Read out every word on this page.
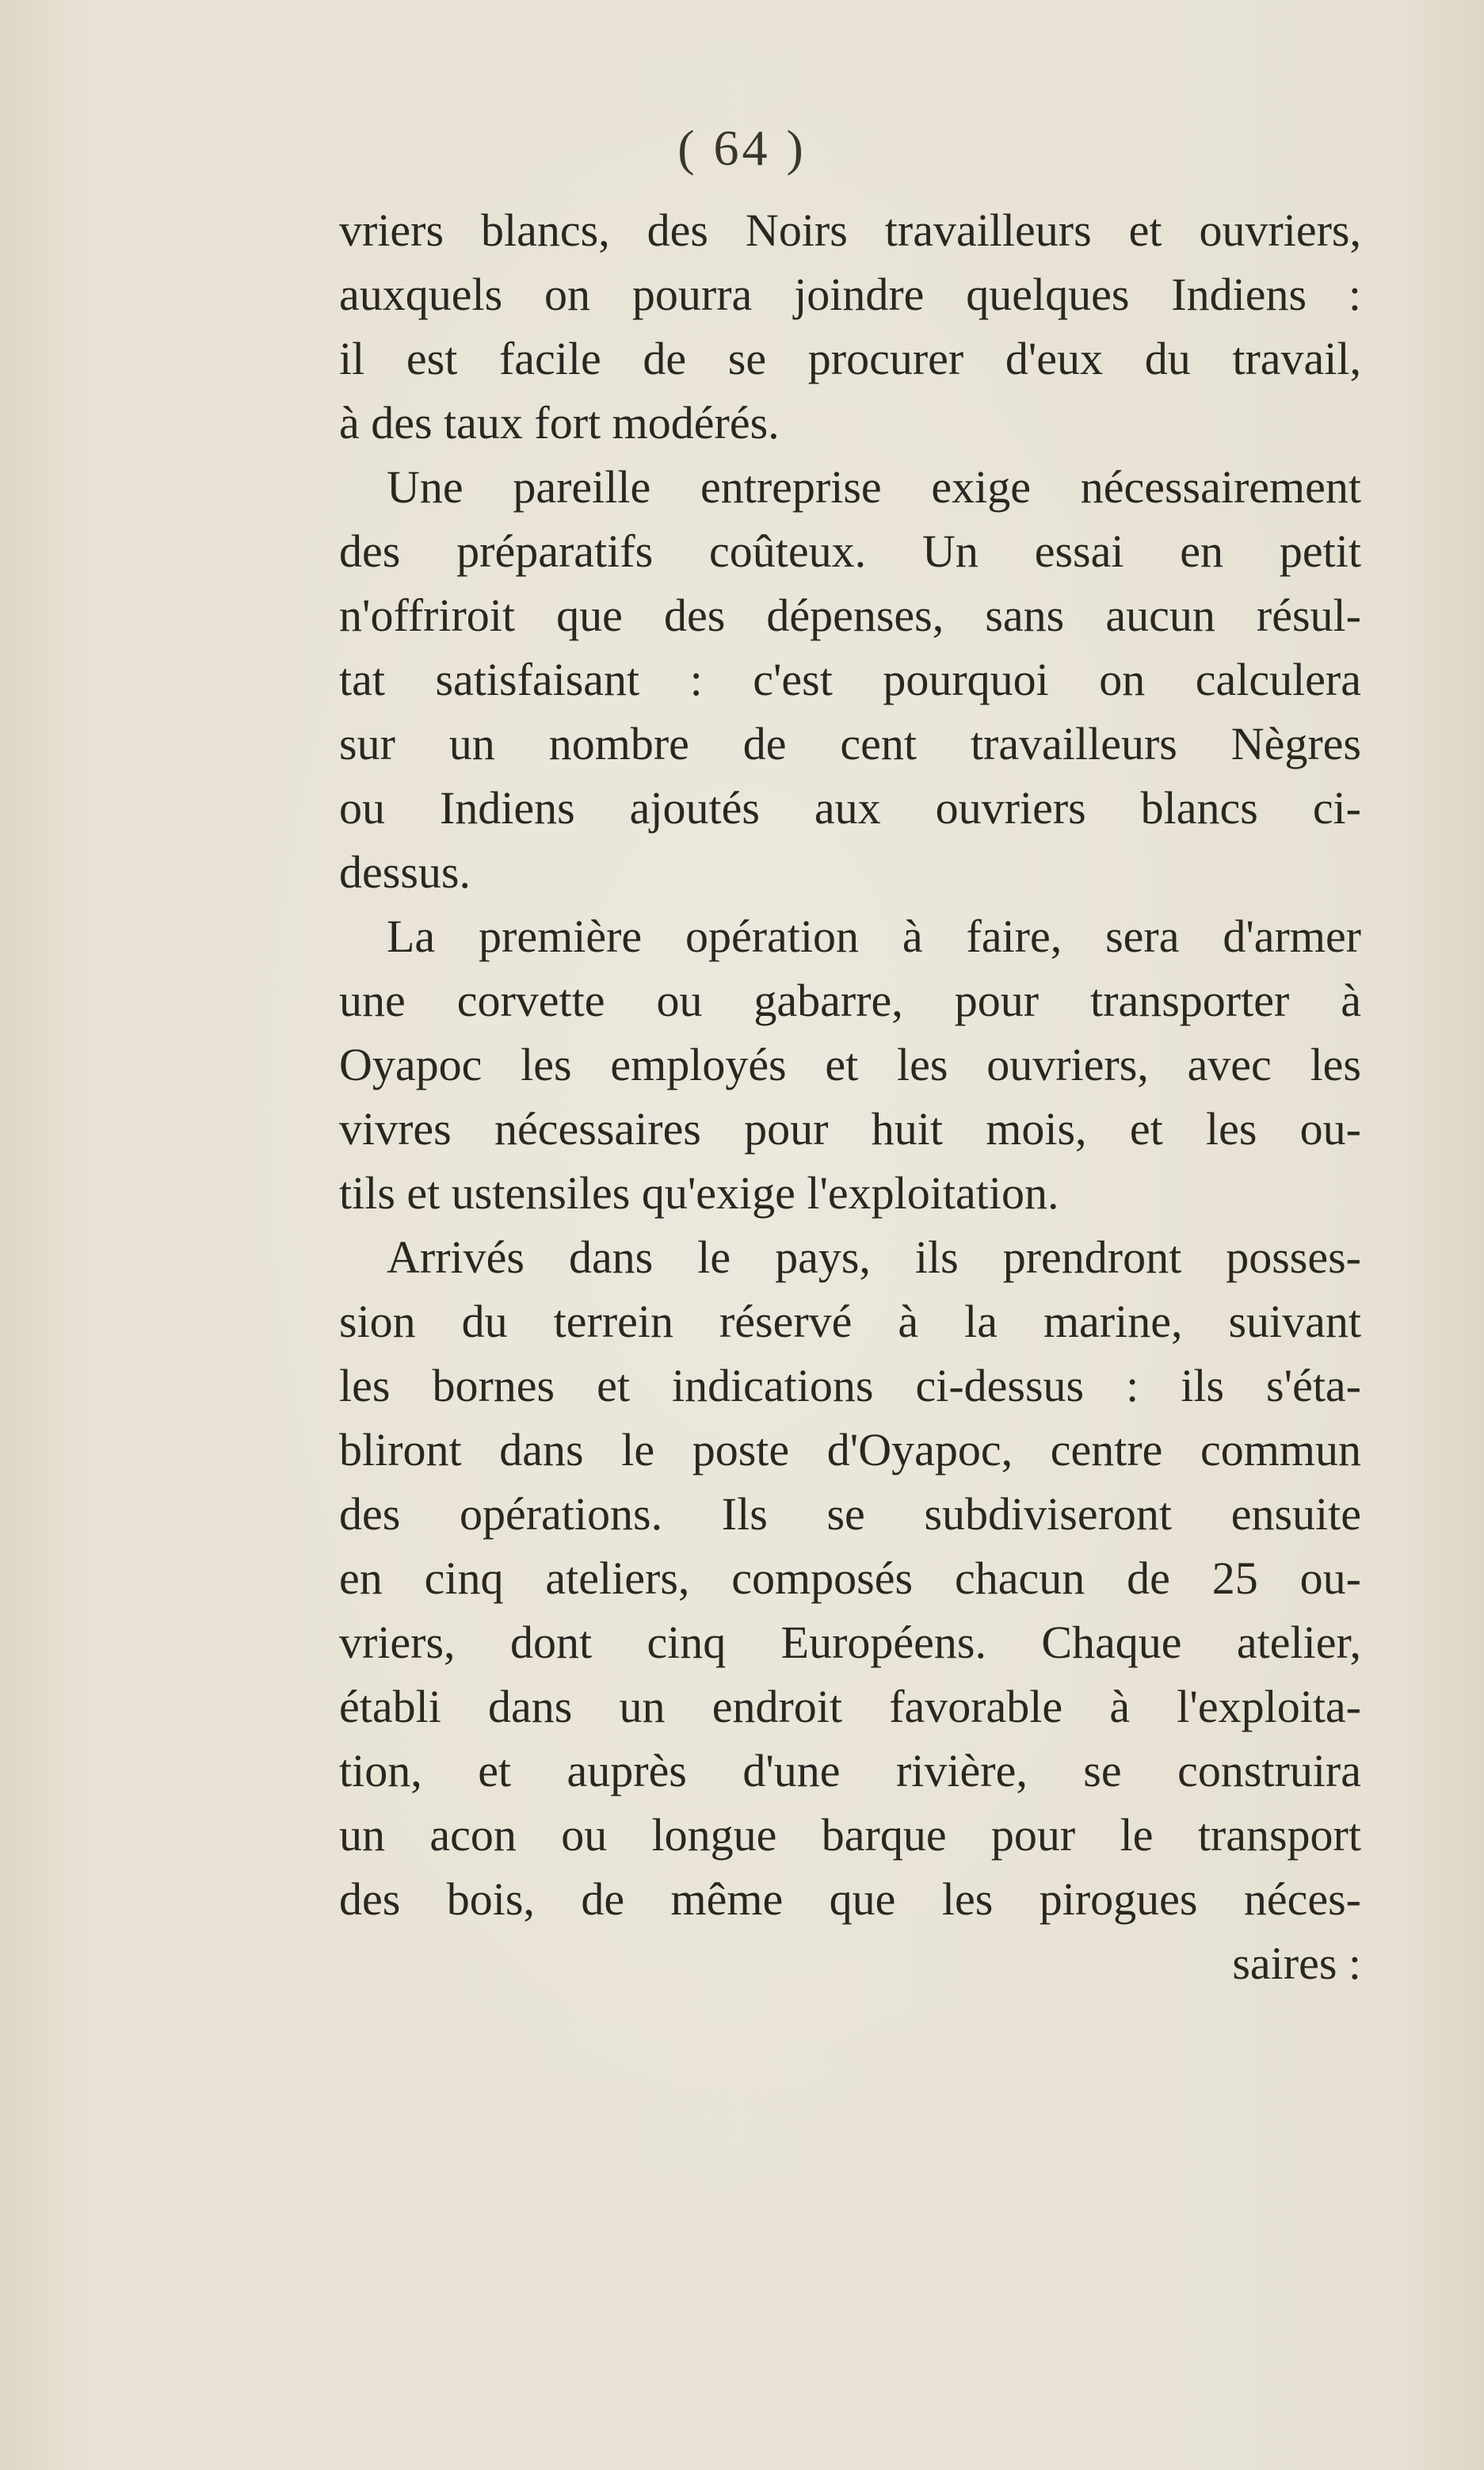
( 64 )

vriers blancs, des Noirs travailleurs et ouvriers,
auxquels on pourra joindre quelques Indiens :
il est facile de se procurer d'eux du travail,
à des taux fort modérés.
Une pareille entreprise exige nécessairement
des préparatifs coûteux. Un essai en petit
n'offriroit que des dépenses, sans aucun résul-
tat satisfaisant : c'est pourquoi on calculera
sur un nombre de cent travailleurs Nègres
ou Indiens ajoutés aux ouvriers blancs ci-
dessus.
La première opération à faire, sera d'armer
une corvette ou gabarre, pour transporter à
Oyapoc les employés et les ouvriers, avec les
vivres nécessaires pour huit mois, et les ou-
tils et ustensiles qu'exige l'exploitation.
Arrivés dans le pays, ils prendront posses-
sion du terrein réservé à la marine, suivant
les bornes et indications ci-dessus : ils s'éta-
bliront dans le poste d'Oyapoc, centre commun
des opérations. Ils se subdiviseront ensuite
en cinq ateliers, composés chacun de 25 ou-
vriers, dont cinq Européens. Chaque atelier,
établi dans un endroit favorable à l'exploita-
tion, et auprès d'une rivière, se construira
un acon ou longue barque pour le transport
des bois, de même que les pirogues néces-
saires :
